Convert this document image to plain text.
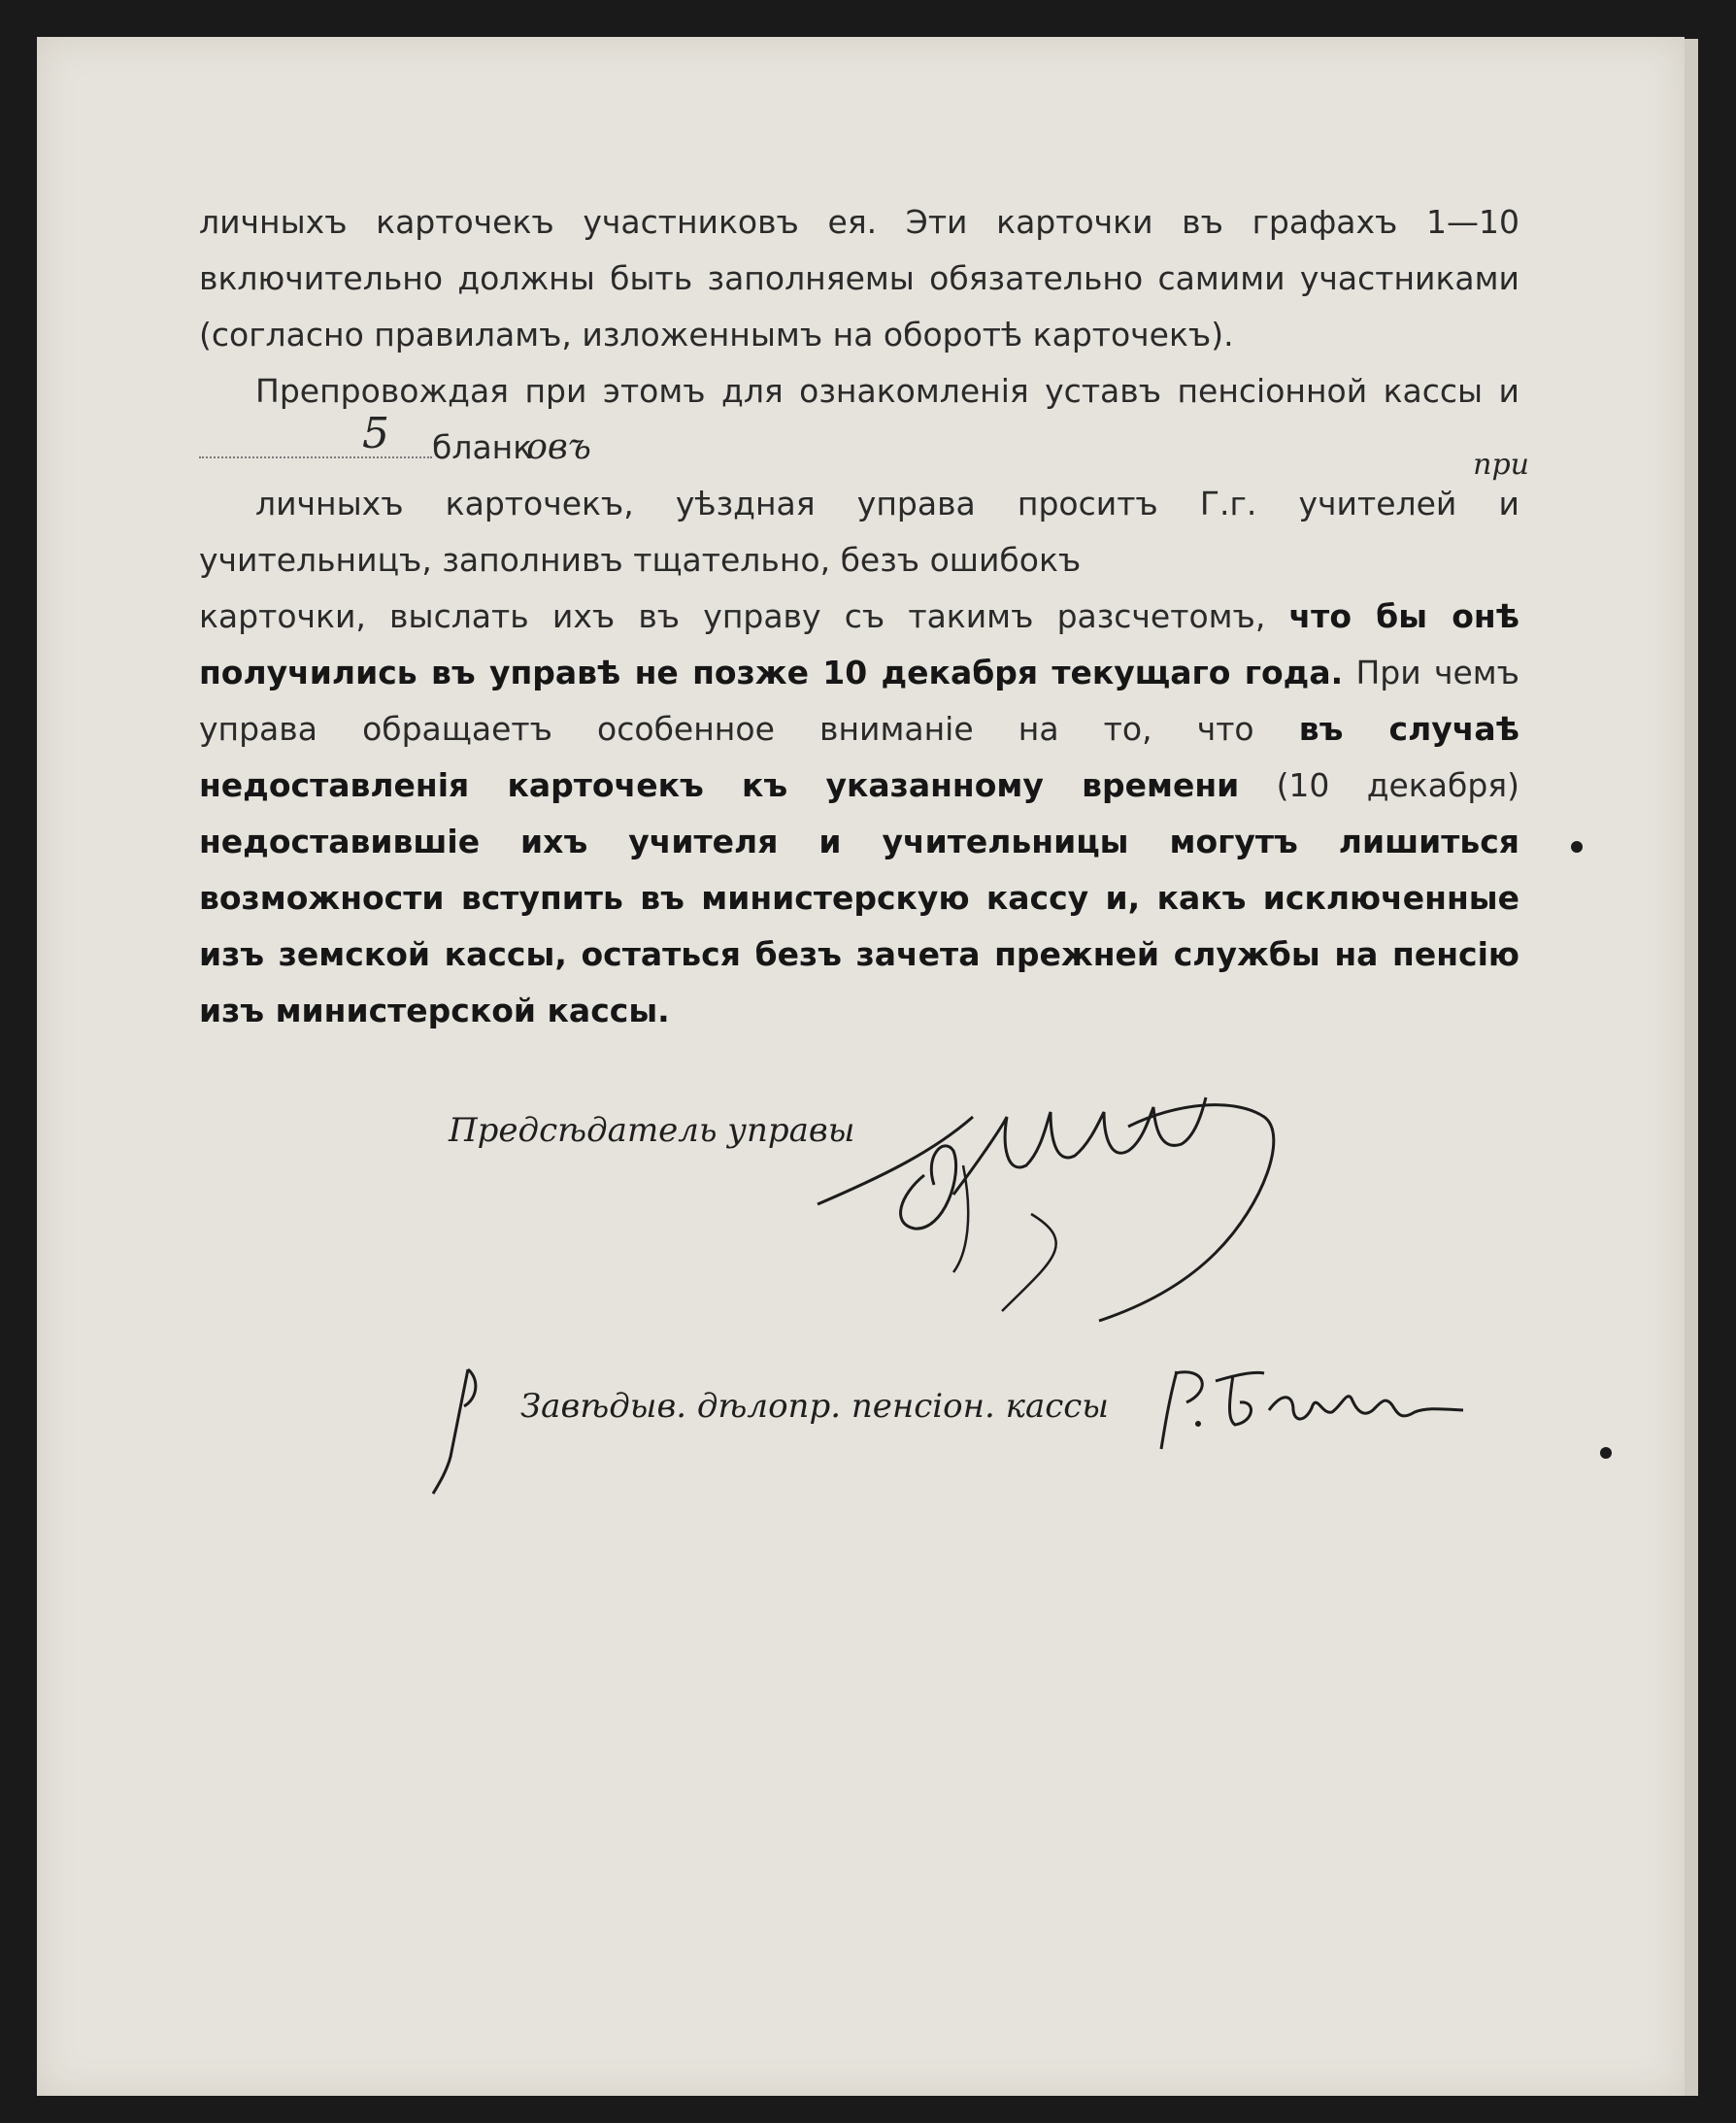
личныхъ карточекъ участниковъ ея. Эти карточки въ графахъ 1—10 включительно должны быть заполняемы обязательно самими участниками (согласно правиламъ, изложеннымъ на оборотѣ карточекъ).

Препровождая при этомъ для ознакомленія уставъ пенсіонной кассы и
5 бланковъ личныхъ карточекъ, уѣздная управа проситъ Г.г. учителей и учительницъ, заполнивъ тщательно, безъ ошибокъ
при
карточки, выслать ихъ въ управу съ такимъ разсчетомъ, что бы онѣ получились въ управѣ не позже 10 декабря текущаго года. При чемъ управа обращаетъ особенное вниманіе на то, что въ случаѣ недоставленія карточекъ къ указанному времени (10 декабря) недоставившіе ихъ учителя и учительницы могутъ лишиться возможности вступить въ министерскую кассу и, какъ исключенные изъ земской кассы, остаться безъ зачета прежней службы на пенсію изъ министерской кассы.

Предсѣдатель управы
Завѣдыв. дѣлопр. пенсіон. кассы
